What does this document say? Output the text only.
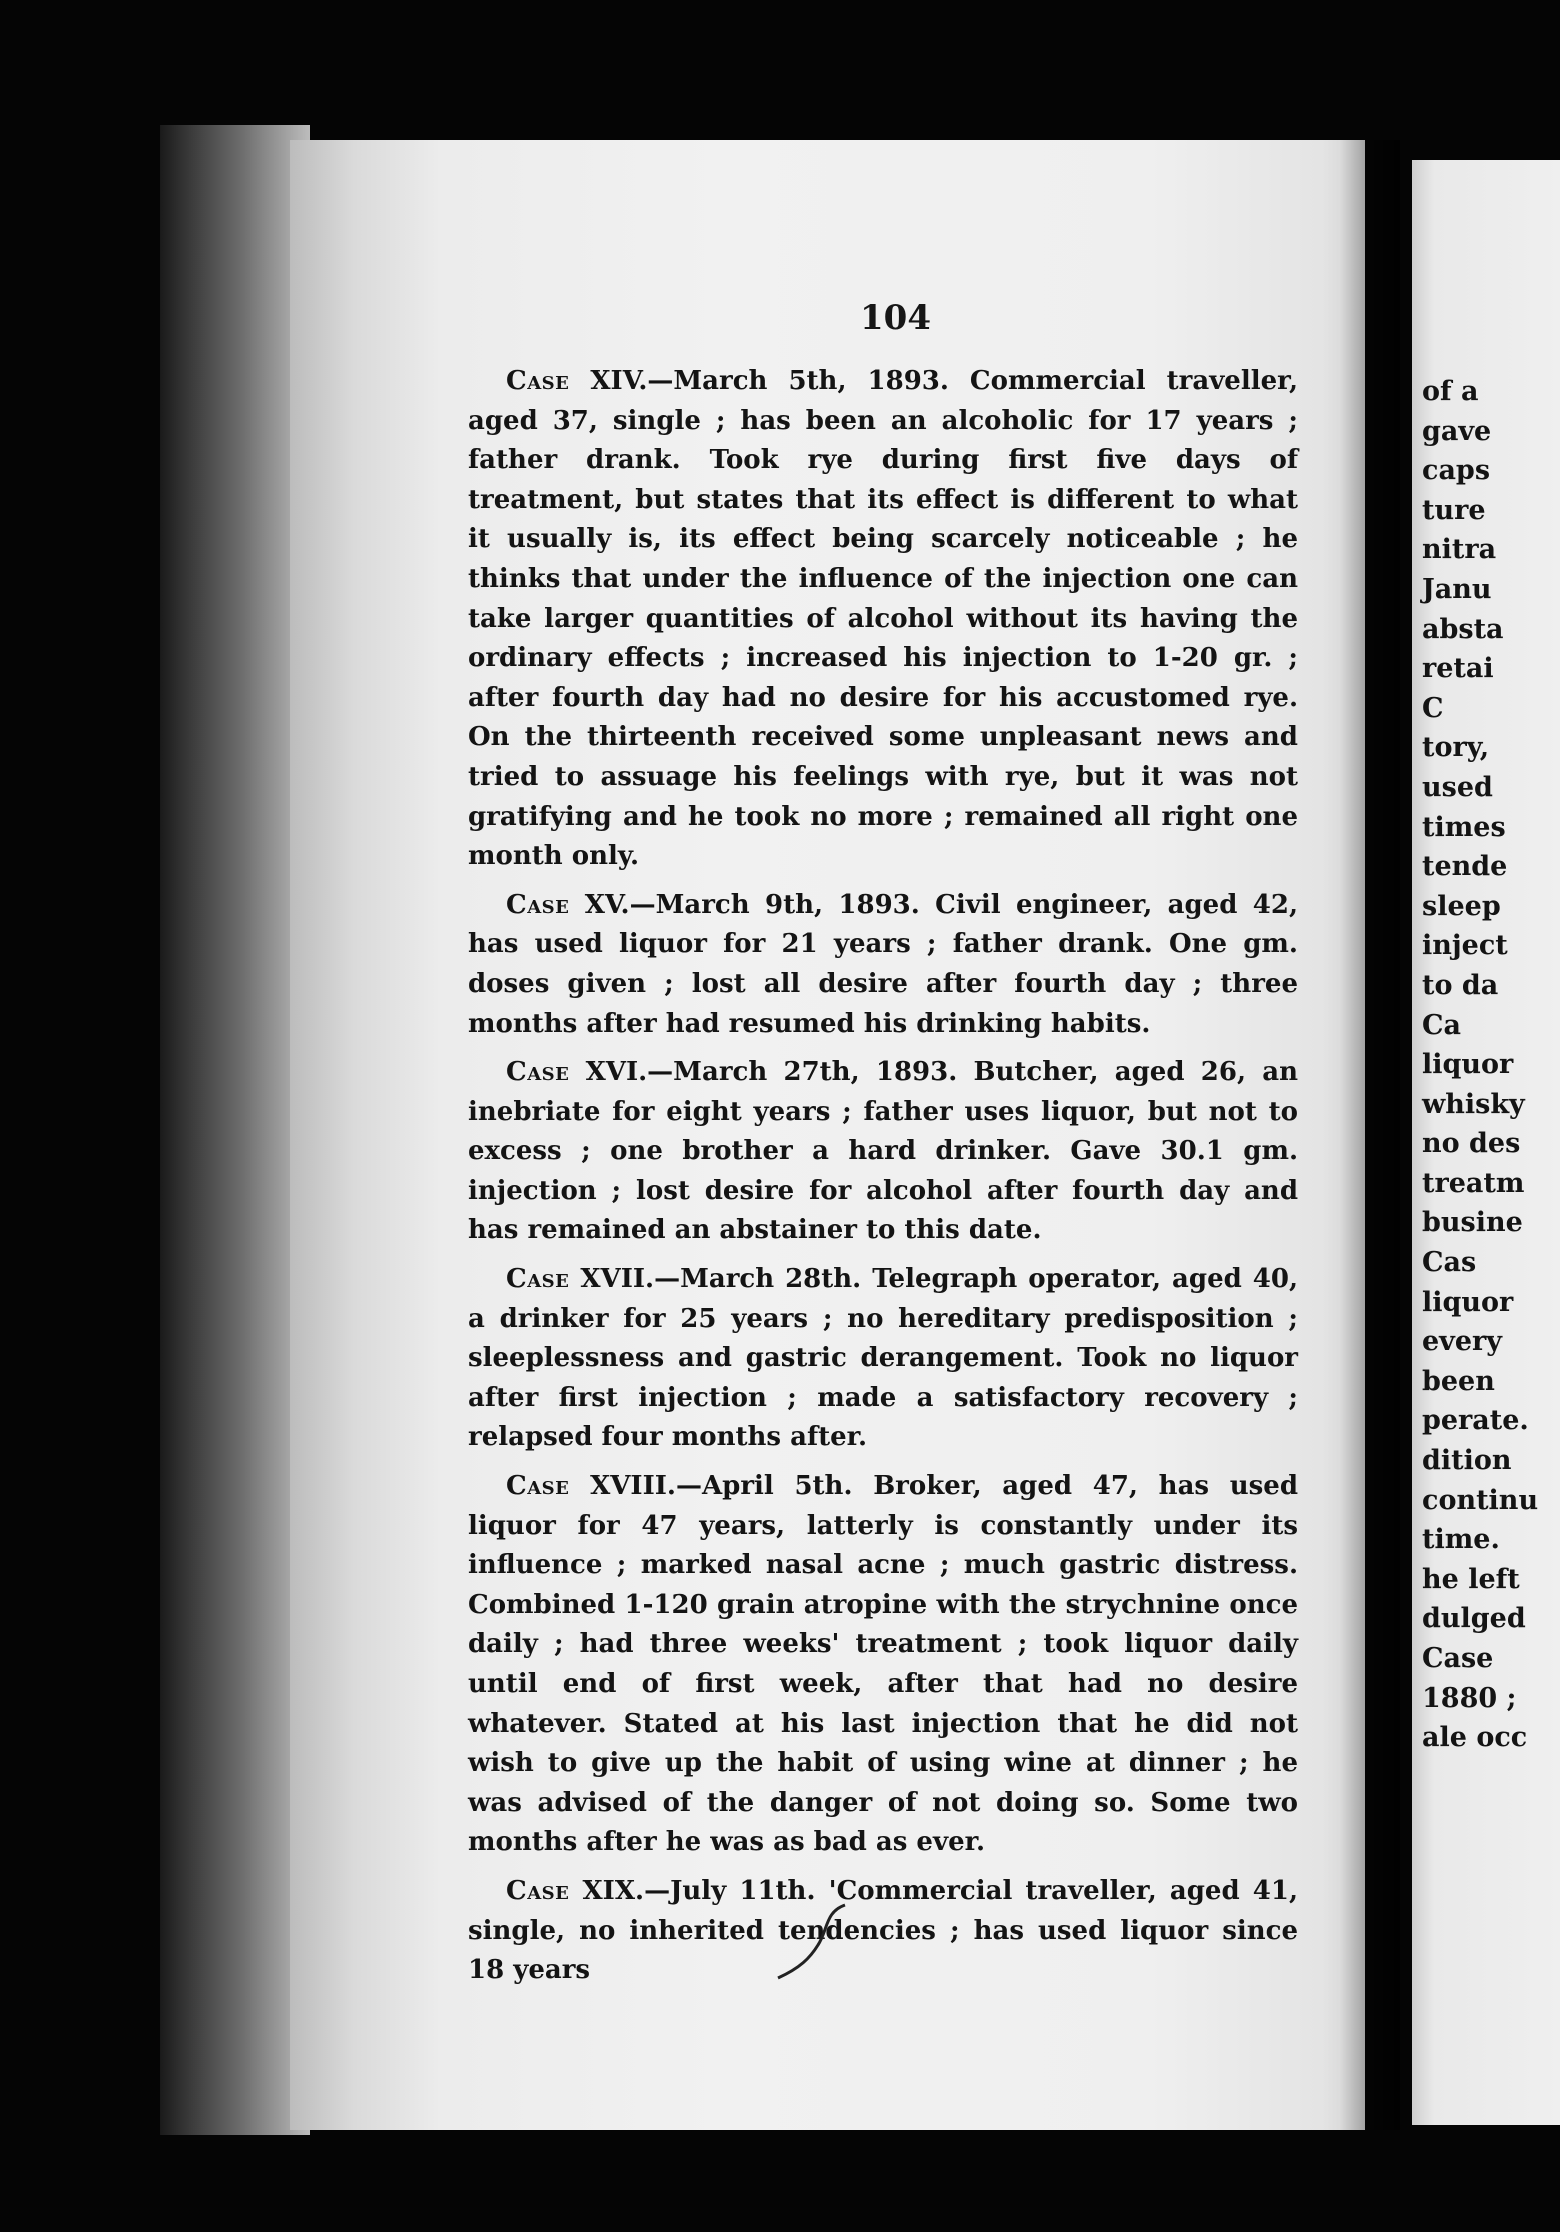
104

Case XIV.—March 5th, 1893. Commercial traveller, aged 37, single ; has been an alcoholic for 17 years ; father drank. Took rye during first five days of treatment, but states that its effect is different to what it usually is, its effect being scarcely noticeable ; he thinks that under the influence of the injection one can take larger quantities of alcohol without its having the ordinary effects ; increased his injection to 1-20 gr. ; after fourth day had no desire for his accustomed rye. On the thirteenth received some unpleasant news and tried to assuage his feelings with rye, but it was not gratifying and he took no more ; remained all right one month only.

Case XV.—March 9th, 1893. Civil engineer, aged 42, has used liquor for 21 years ; father drank. One gm. doses given ; lost all desire after fourth day ; three months after had resumed his drinking habits.

Case XVI.—March 27th, 1893. Butcher, aged 26, an inebriate for eight years ; father uses liquor, but not to excess ; one brother a hard drinker. Gave 30.1 gm. injection ; lost desire for alcohol after fourth day and has remained an abstainer to this date.

Case XVII.—March 28th. Telegraph operator, aged 40, a drinker for 25 years ; no hereditary predisposition ; sleeplessness and gastric derangement. Took no liquor after first injection ; made a satisfactory recovery ; relapsed four months after.

Case XVIII.—April 5th. Broker, aged 47, has used liquor for 47 years, latterly is constantly under its influence ; marked nasal acne ; much gastric distress. Combined 1-120 grain atropine with the strychnine once daily ; had three weeks' treatment ; took liquor daily until end of first week, after that had no desire whatever. Stated at his last injection that he did not wish to give up the habit of using wine at dinner ; he was advised of the danger of not doing so. Some two months after he was as bad as ever.

Case XIX.—July 11th. 'Commercial traveller, aged 41, single, no inherited tendencies ; has used liquor since 18 years

of a
gave
caps
ture
nitra
Janu
absta
retai
C
tory,
used
times
tende
sleep
inject
to da
Ca
liquor
whisky
no des
treatm
busine
Cas
liquor
every
been
perate.
dition
continu
time.
he left
dulged
Case
1880 ;
ale occ
